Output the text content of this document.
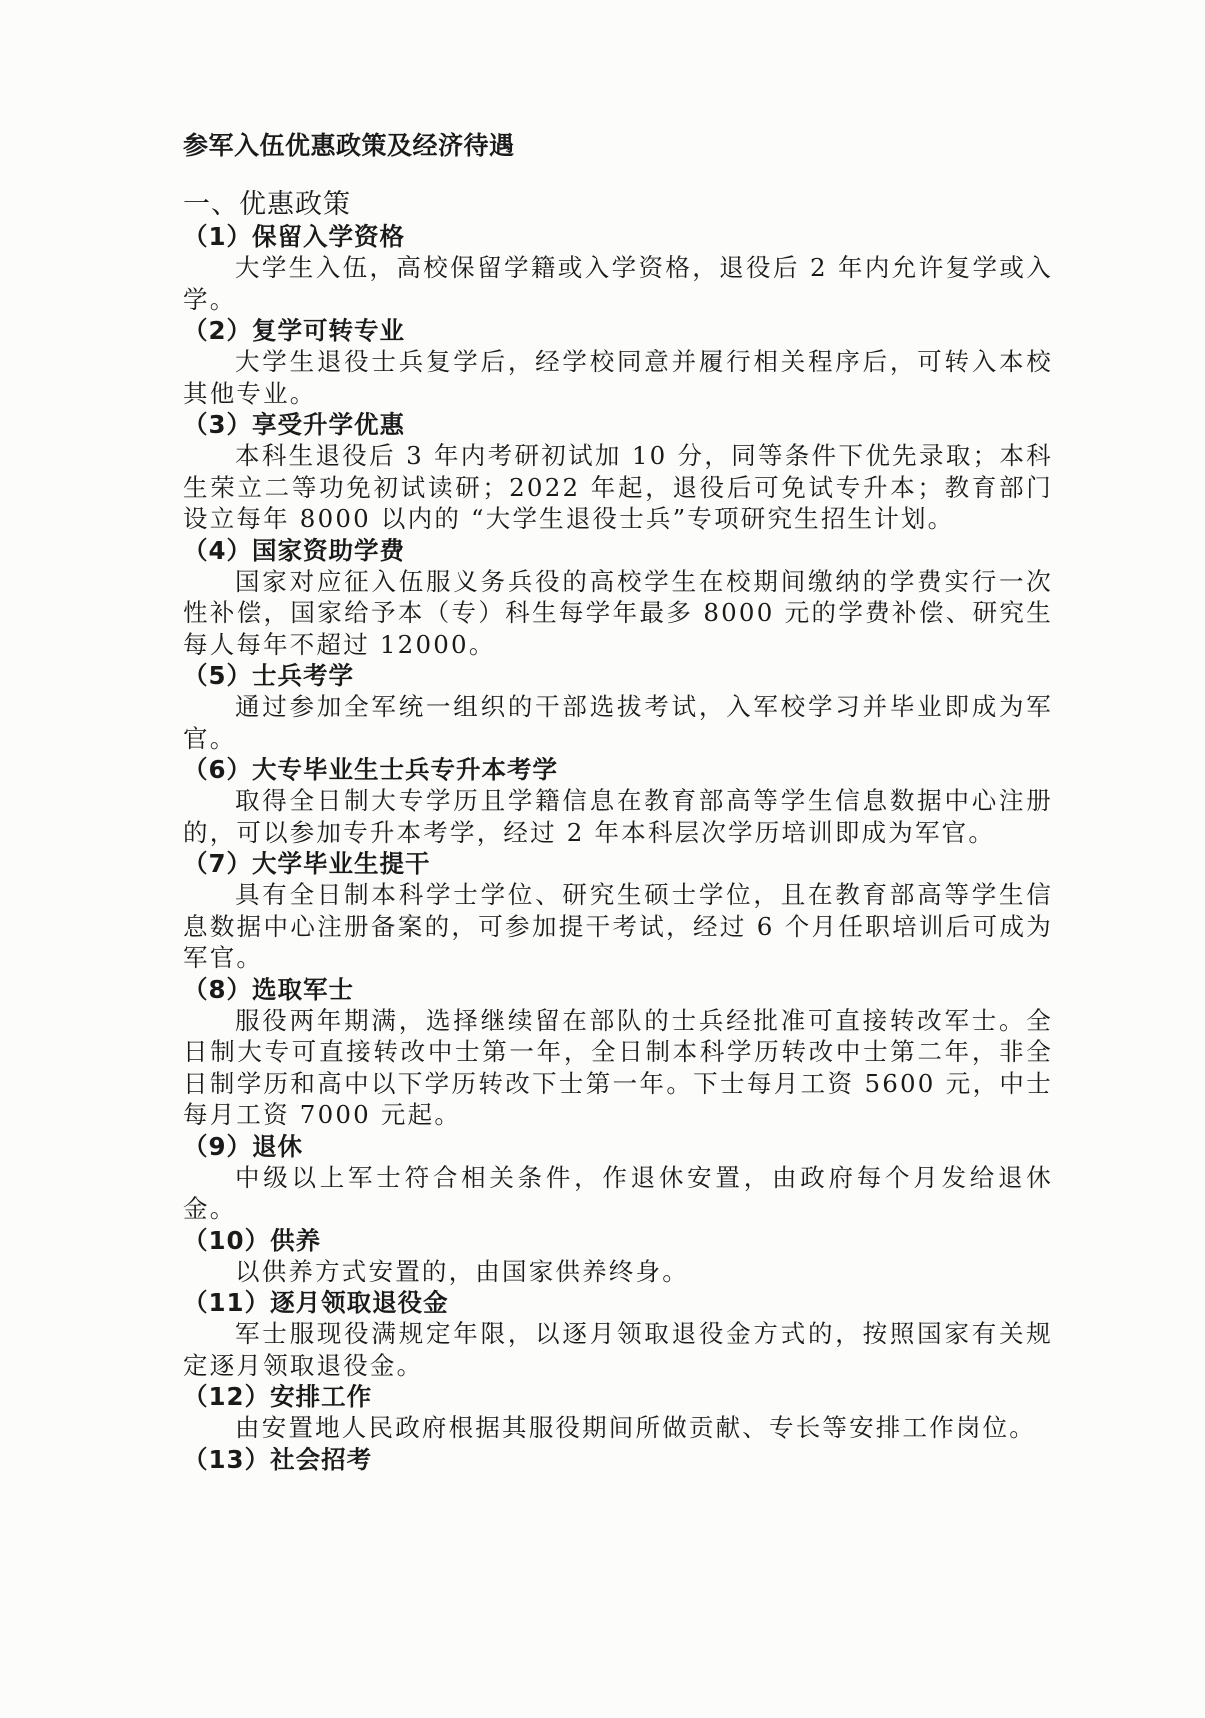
参军入伍优惠政策及经济待遇
一、优惠政策
（1）保留入学资格

大学生入伍，高校保留学籍或入学资格，退役后 2 年内允许复学或入学。

（2）复学可转专业

大学生退役士兵复学后，经学校同意并履行相关程序后，可转入本校其他专业。

（3）享受升学优惠

本科生退役后 3 年内考研初试加 10 分，同等条件下优先录取；本科生荣立二等功免初试读研；2022 年起，退役后可免试专升本；教育部门设立每年 8000 以内的 “大学生退役士兵”专项研究生招生计划。

（4）国家资助学费

国家对应征入伍服义务兵役的高校学生在校期间缴纳的学费实行一次性补偿，国家给予本（专）科生每学年最多 8000 元的学费补偿、研究生每人每年不超过 12000。

（5）士兵考学

通过参加全军统一组织的干部选拔考试，入军校学习并毕业即成为军官。

（6）大专毕业生士兵专升本考学

取得全日制大专学历且学籍信息在教育部高等学生信息数据中心注册的，可以参加专升本考学，经过 2 年本科层次学历培训即成为军官。

（7）大学毕业生提干

具有全日制本科学士学位、研究生硕士学位，且在教育部高等学生信息数据中心注册备案的，可参加提干考试，经过 6 个月任职培训后可成为军官。

（8）选取军士

服役两年期满，选择继续留在部队的士兵经批准可直接转改军士。全日制大专可直接转改中士第一年，全日制本科学历转改中士第二年，非全日制学历和高中以下学历转改下士第一年。下士每月工资 5600 元，中士每月工资 7000 元起。

（9）退休

中级以上军士符合相关条件，作退休安置，由政府每个月发给退休金。

（10）供养

以供养方式安置的，由国家供养终身。

（11）逐月领取退役金

军士服现役满规定年限，以逐月领取退役金方式的，按照国家有关规定逐月领取退役金。

（12）安排工作

由安置地人民政府根据其服役期间所做贡献、专长等安排工作岗位。

（13）社会招考
